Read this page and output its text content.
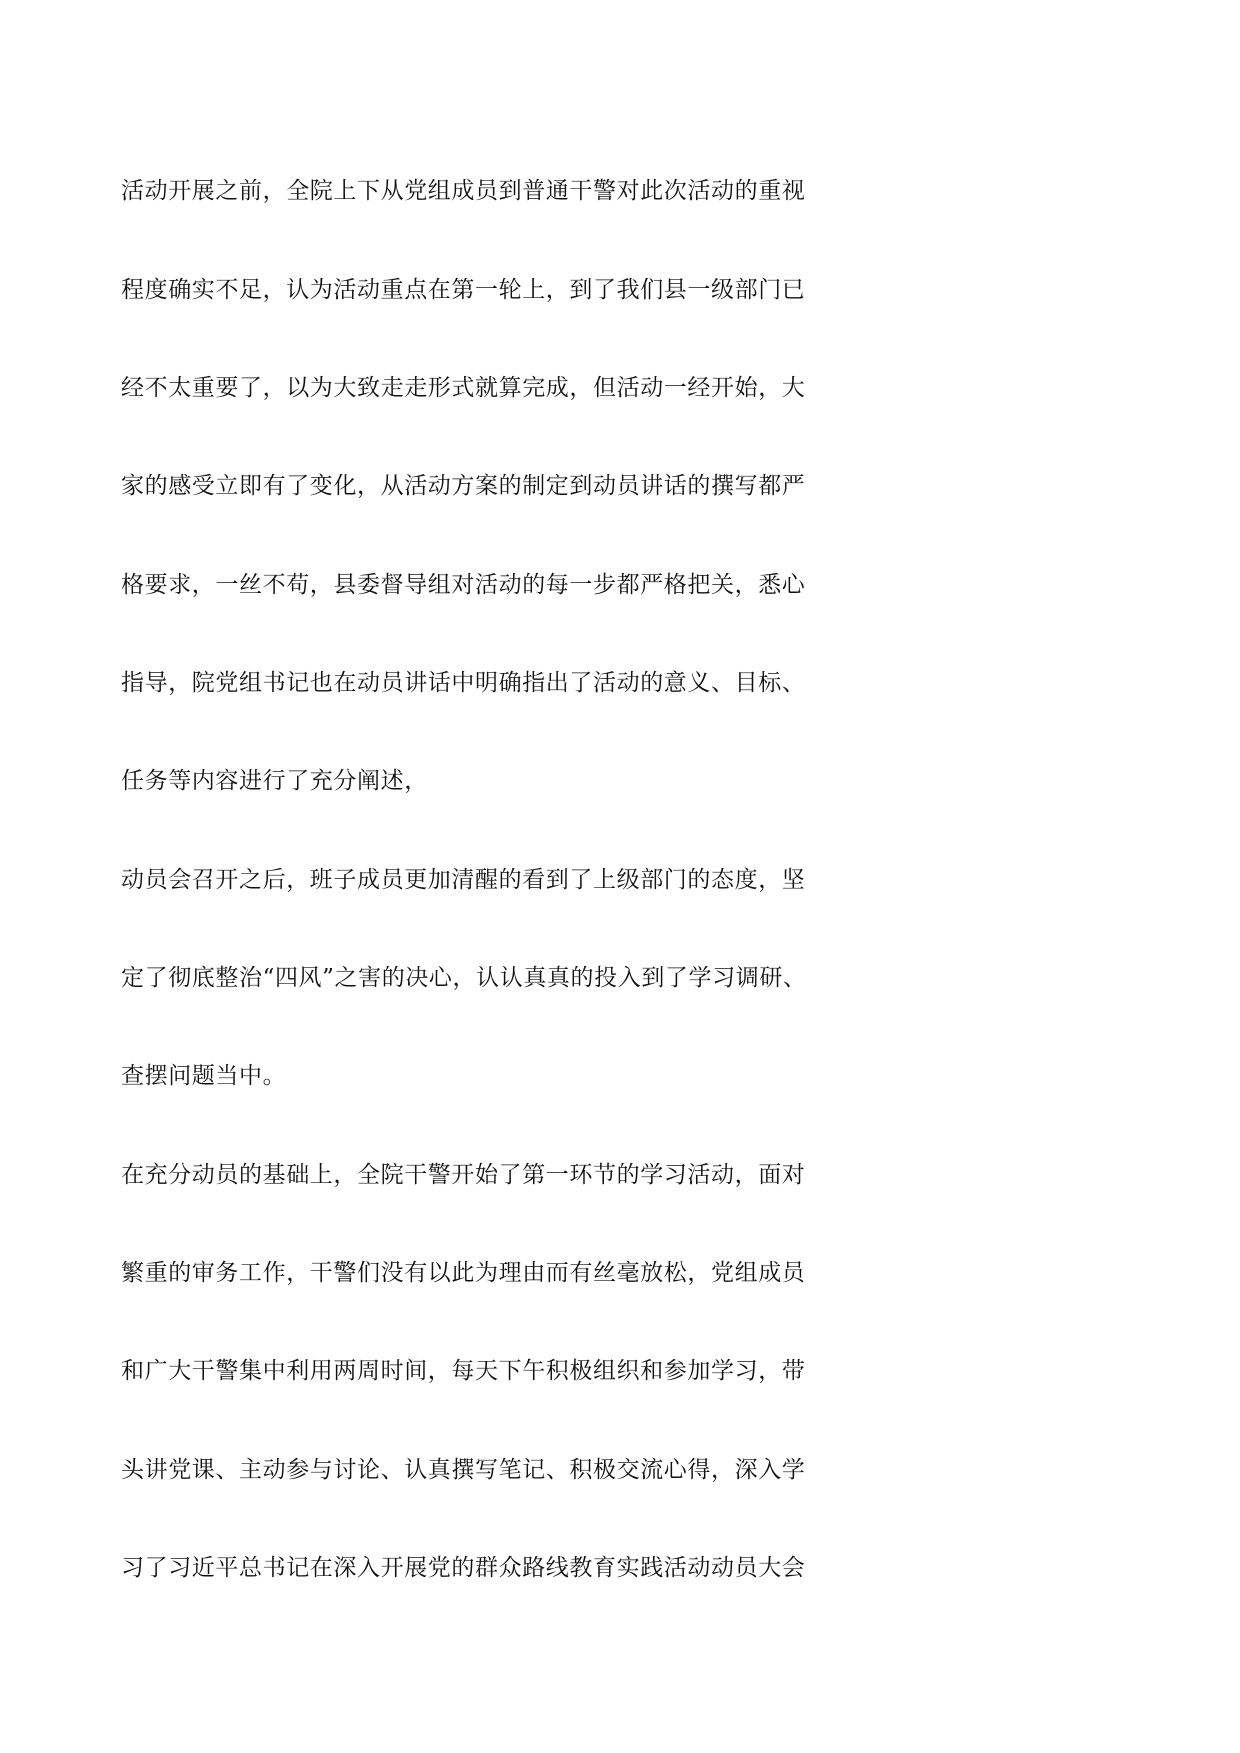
活动开展之前，全院上下从党组成员到普通干警对此次活动的重视
程度确实不足，认为活动重点在第一轮上，到了我们县一级部门已
经不太重要了，以为大致走走形式就算完成，但活动一经开始，大
家的感受立即有了变化，从活动方案的制定到动员讲话的撰写都严
格要求，一丝不苟，县委督导组对活动的每一步都严格把关，悉心
指导，院党组书记也在动员讲话中明确指出了活动的意义、目标、
任务等内容进行了充分阐述，
动员会召开之后，班子成员更加清醒的看到了上级部门的态度，坚
定了彻底整治“四风”之害的决心，认认真真的投入到了学习调研、
查摆问题当中。
在充分动员的基础上，全院干警开始了第一环节的学习活动，面对
繁重的审务工作，干警们没有以此为理由而有丝毫放松，党组成员
和广大干警集中利用两周时间，每天下午积极组织和参加学习，带
头讲党课、主动参与讨论、认真撰写笔记、积极交流心得，深入学
习了习近平总书记在深入开展党的群众路线教育实践活动动员大会
